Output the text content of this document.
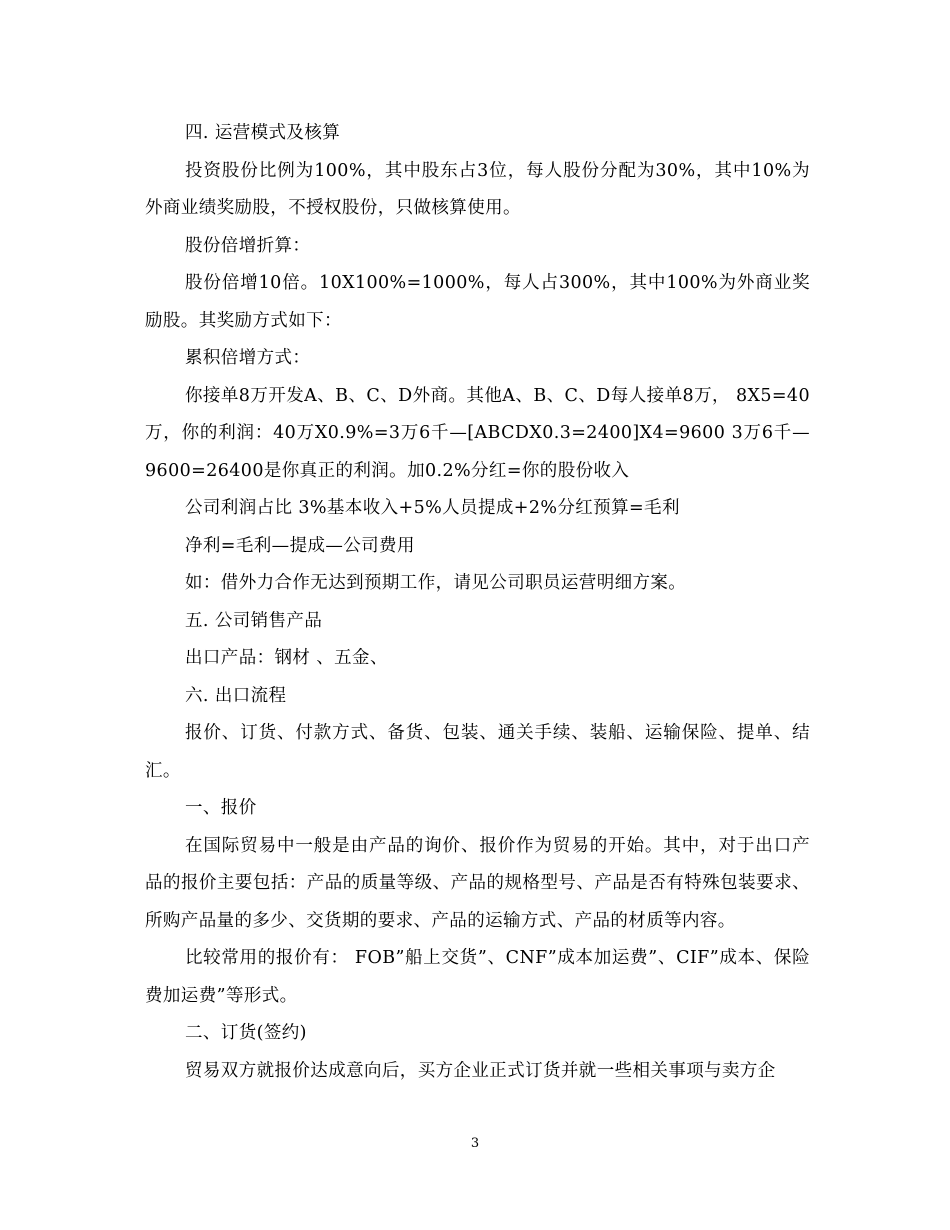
四. 运营模式及核算

投资股份比例为100%，其中股东占3位，每人股份分配为30%，其中10%为外商业绩奖励股，不授权股份，只做核算使用。

股份倍增折算：

股份倍增10倍。10X100%=1000%，每人占300%，其中100%为外商业奖励股。其奖励方式如下：

累积倍增方式：

你接单8万开发A、B、C、D外商。其他A、B、C、D每人接单8万， 8X5=40万，你的利润：40万X0.9%=3万6千—[ABCDX0.3=2400]X4=9600 3万6千—9600=26400是你真正的利润。加0.2%分红=你的股份收入

公司利润占比 3%基本收入+5%人员提成+2%分红预算=毛利

净利=毛利—提成—公司费用

如：借外力合作无达到预期工作，请见公司职员运营明细方案。

五. 公司销售产品

出口产品：钢材 、五金、

六. 出口流程

报价、订货、付款方式、备货、包装、通关手续、装船、运输保险、提单、结汇。

一、报价

在国际贸易中一般是由产品的询价、报价作为贸易的开始。其中，对于出口产品的报价主要包括：产品的质量等级、产品的规格型号、产品是否有特殊包装要求、所购产品量的多少、交货期的要求、产品的运输方式、产品的材质等内容。

比较常用的报价有： FOB”船上交货”、CNF”成本加运费”、CIF”成本、保险费加运费”等形式。

二、订货(签约)

贸易双方就报价达成意向后，买方企业正式订货并就一些相关事项与卖方企

3
